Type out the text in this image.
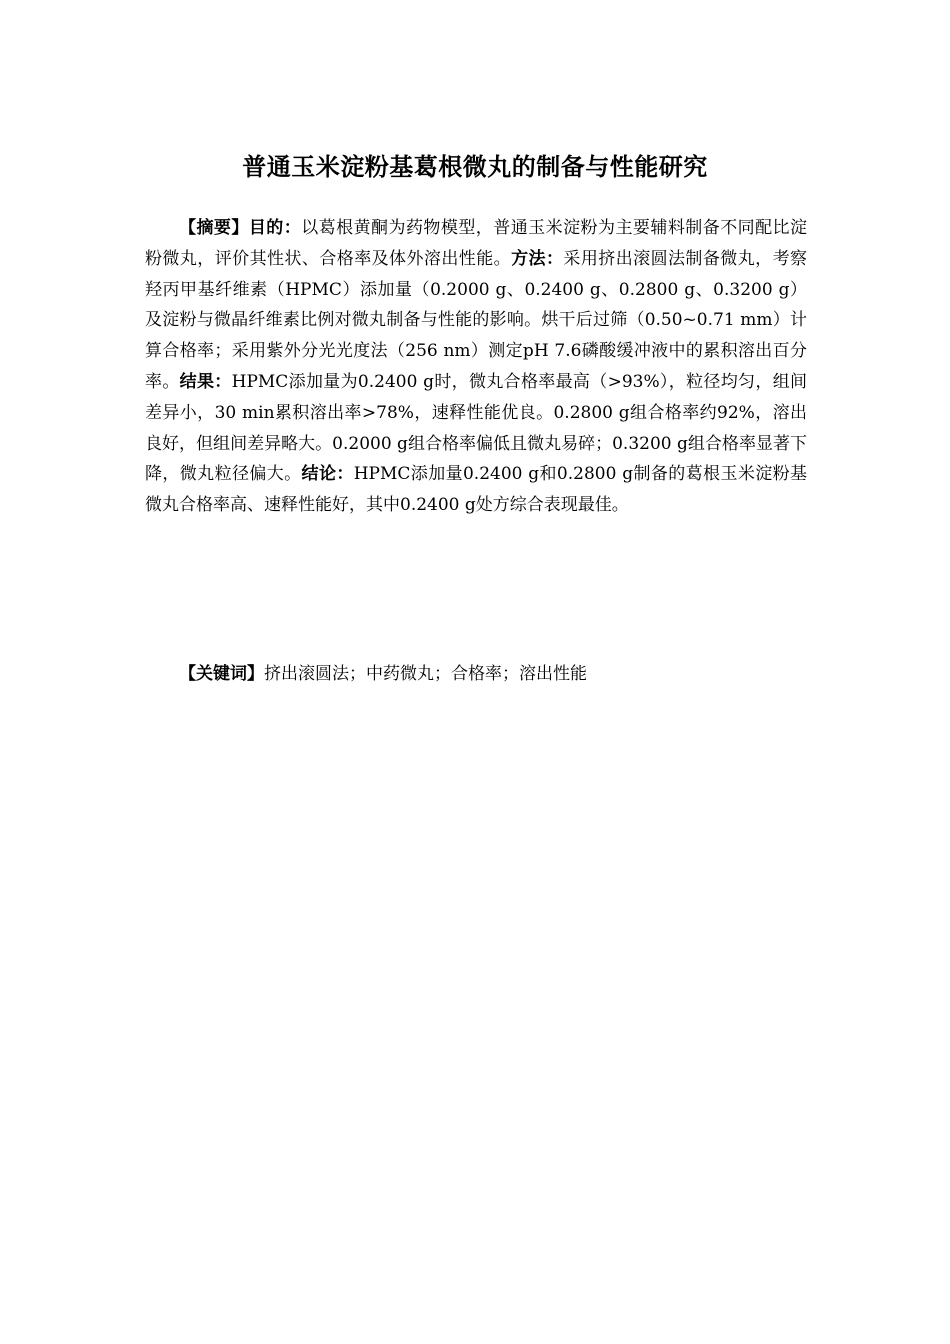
普通玉米淀粉基葛根微丸的制备与性能研究

【摘要】目的：以葛根黄酮为药物模型，普通玉米淀粉为主要辅料制备不同配比淀粉微丸，评价其性状、合格率及体外溶出性能。方法：采用挤出滚圆法制备微丸，考察羟丙甲基纤维素（HPMC）添加量（0.2000 g、0.2400 g、0.2800 g、0.3200 g）及淀粉与微晶纤维素比例对微丸制备与性能的影响。烘干后过筛（0.50~0.71 mm）计算合格率；采用紫外分光光度法（256 nm）测定pH 7.6磷酸缓冲液中的累积溶出百分率。结果：HPMC添加量为0.2400 g时，微丸合格率最高（>93%），粒径均匀，组间差异小，30 min累积溶出率>78%，速释性能优良。0.2800 g组合格率约92%，溶出良好，但组间差异略大。0.2000 g组合格率偏低且微丸易碎；0.3200 g组合格率显著下降，微丸粒径偏大。结论：HPMC添加量0.2400 g和0.2800 g制备的葛根玉米淀粉基微丸合格率高、速释性能好，其中0.2400 g处方综合表现最佳。

【关键词】挤出滚圆法；中药微丸；合格率；溶出性能
